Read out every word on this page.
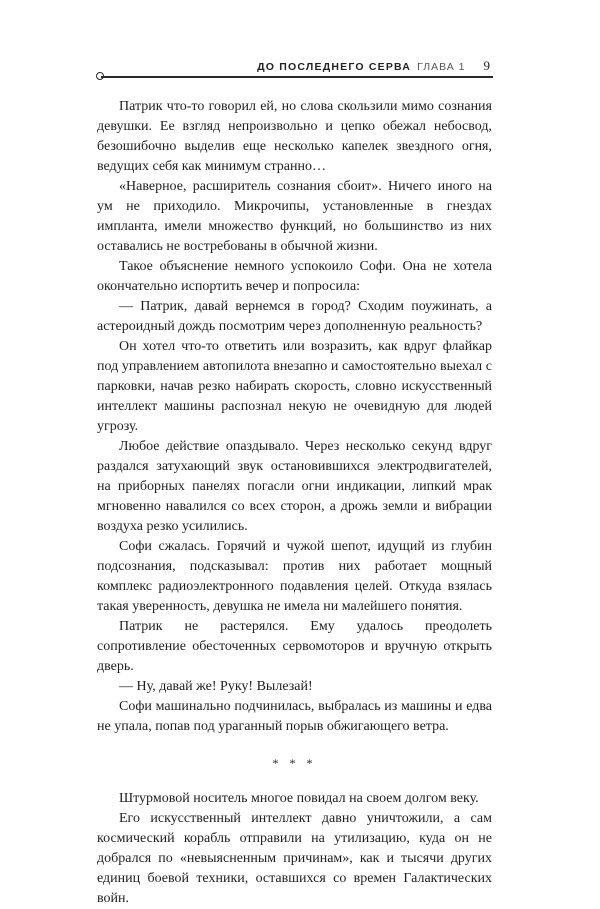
ДО ПОСЛЕДНЕГО СЕРВА ГЛАВА 1 9

Патрик что-то говорил ей, но слова скользили мимо сознания девушки. Ее взгляд непроизвольно и цепко обежал небосвод, безошибочно выделив еще несколько капелек звездного огня, ведущих себя как минимум странно…

«Наверное, расширитель сознания сбоит». Ничего иного на ум не приходило. Микрочипы, установленные в гнездах импланта, имели множество функций, но большинство из них оставались не востребованы в обычной жизни.

Такое объяснение немного успокоило Софи. Она не хотела окончательно испортить вечер и попросила:

— Патрик, давай вернемся в город? Сходим поужинать, а астероидный дождь посмотрим через дополненную реальность?

Он хотел что-то ответить или возразить, как вдруг флайкар под управлением автопилота внезапно и самостоятельно выехал с парковки, начав резко набирать скорость, словно искусственный интеллект машины распознал некую не очевидную для людей угрозу.

Любое действие опаздывало. Через несколько секунд вдруг раздался затухающий звук остановившихся электродвигателей, на приборных панелях погасли огни индикации, липкий мрак мгновенно навалился со всех сторон, а дрожь земли и вибрации воздуха резко усилились.

Софи сжалась. Горячий и чужой шепот, идущий из глубин подсознания, подсказывал: против них работает мощный комплекс радиоэлектронного подавления целей. Откуда взялась такая уверенность, девушка не имела ни малейшего понятия.

Патрик не растерялся. Ему удалось преодолеть сопротивление обесточенных сервомоторов и вручную открыть дверь.

— Ну, давай же! Руку! Вылезай!

Софи машинально подчинилась, выбралась из машины и едва не упала, попав под ураганный порыв обжигающего ветра.

* * *

Штурмовой носитель многое повидал на своем долгом веку.

Его искусственный интеллект давно уничтожили, а сам космический корабль отправили на утилизацию, куда он не добрался по «невыясненным причинам», как и тысячи других единиц боевой техники, оставшихся со времен Галактических войн.
